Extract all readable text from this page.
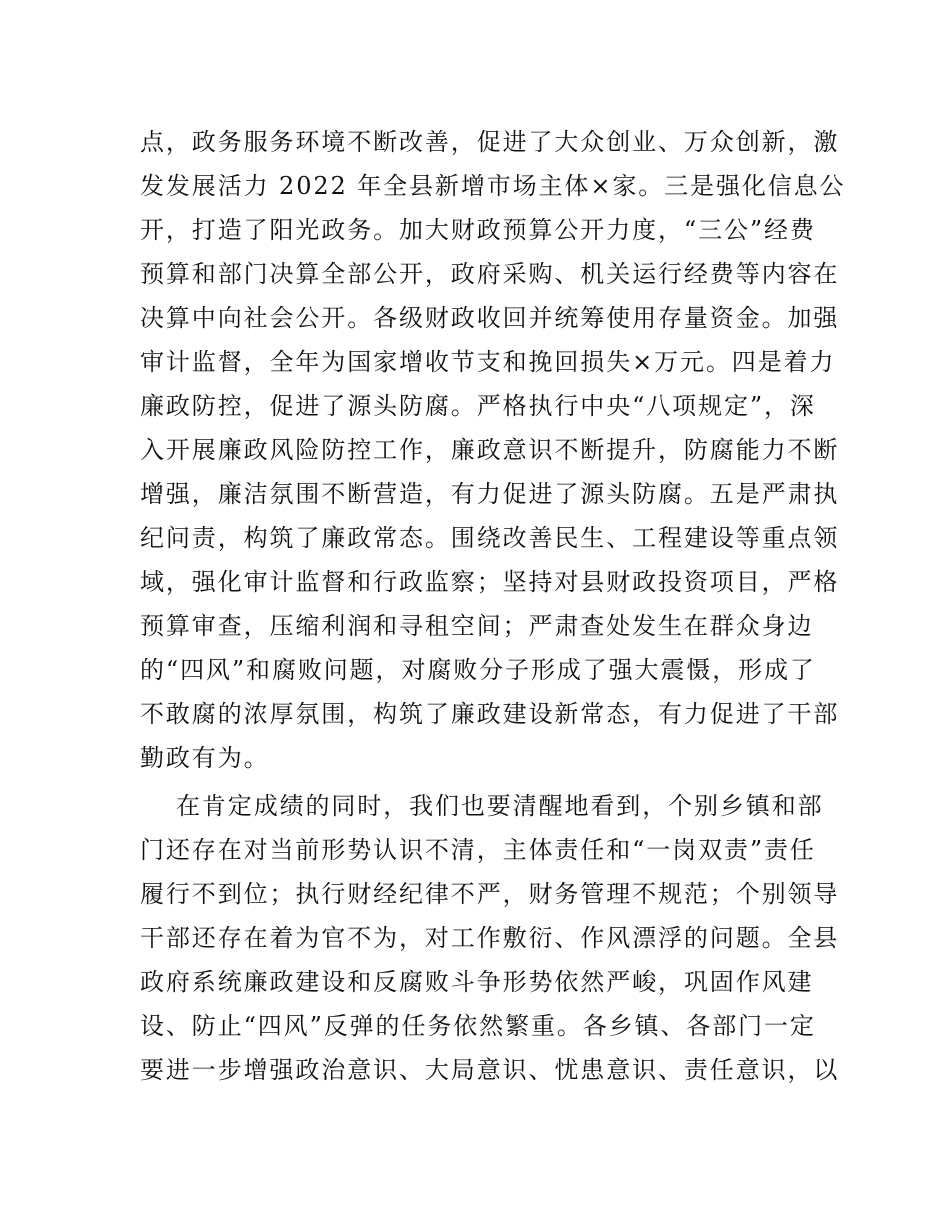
点，政务服务环境不断改善，促进了大众创业、万众创新，激
发发展活力 2022 年全县新增市场主体×家。三是强化信息公
开，打造了阳光政务。加大财政预算公开力度，“三公”经费
预算和部门决算全部公开，政府采购、机关运行经费等内容在
决算中向社会公开。各级财政收回并统筹使用存量资金。加强
审计监督，全年为国家增收节支和挽回损失×万元。四是着力
廉政防控，促进了源头防腐。严格执行中央“八项规定”，深
入开展廉政风险防控工作，廉政意识不断提升，防腐能力不断
增强，廉洁氛围不断营造，有力促进了源头防腐。五是严肃执
纪问责，构筑了廉政常态。围绕改善民生、工程建设等重点领
域，强化审计监督和行政监察；坚持对县财政投资项目，严格
预算审查，压缩利润和寻租空间；严肃查处发生在群众身边
的“四风”和腐败问题，对腐败分子形成了强大震慑，形成了
不敢腐的浓厚氛围，构筑了廉政建设新常态，有力促进了干部
勤政有为。
在肯定成绩的同时，我们也要清醒地看到，个别乡镇和部
门还存在对当前形势认识不清，主体责任和“一岗双责”责任
履行不到位；执行财经纪律不严，财务管理不规范；个别领导
干部还存在着为官不为，对工作敷衍、作风漂浮的问题。全县
政府系统廉政建设和反腐败斗争形势依然严峻，巩固作风建
设、防止“四风”反弹的任务依然繁重。各乡镇、各部门一定
要进一步增强政治意识、大局意识、忧患意识、责任意识，以
